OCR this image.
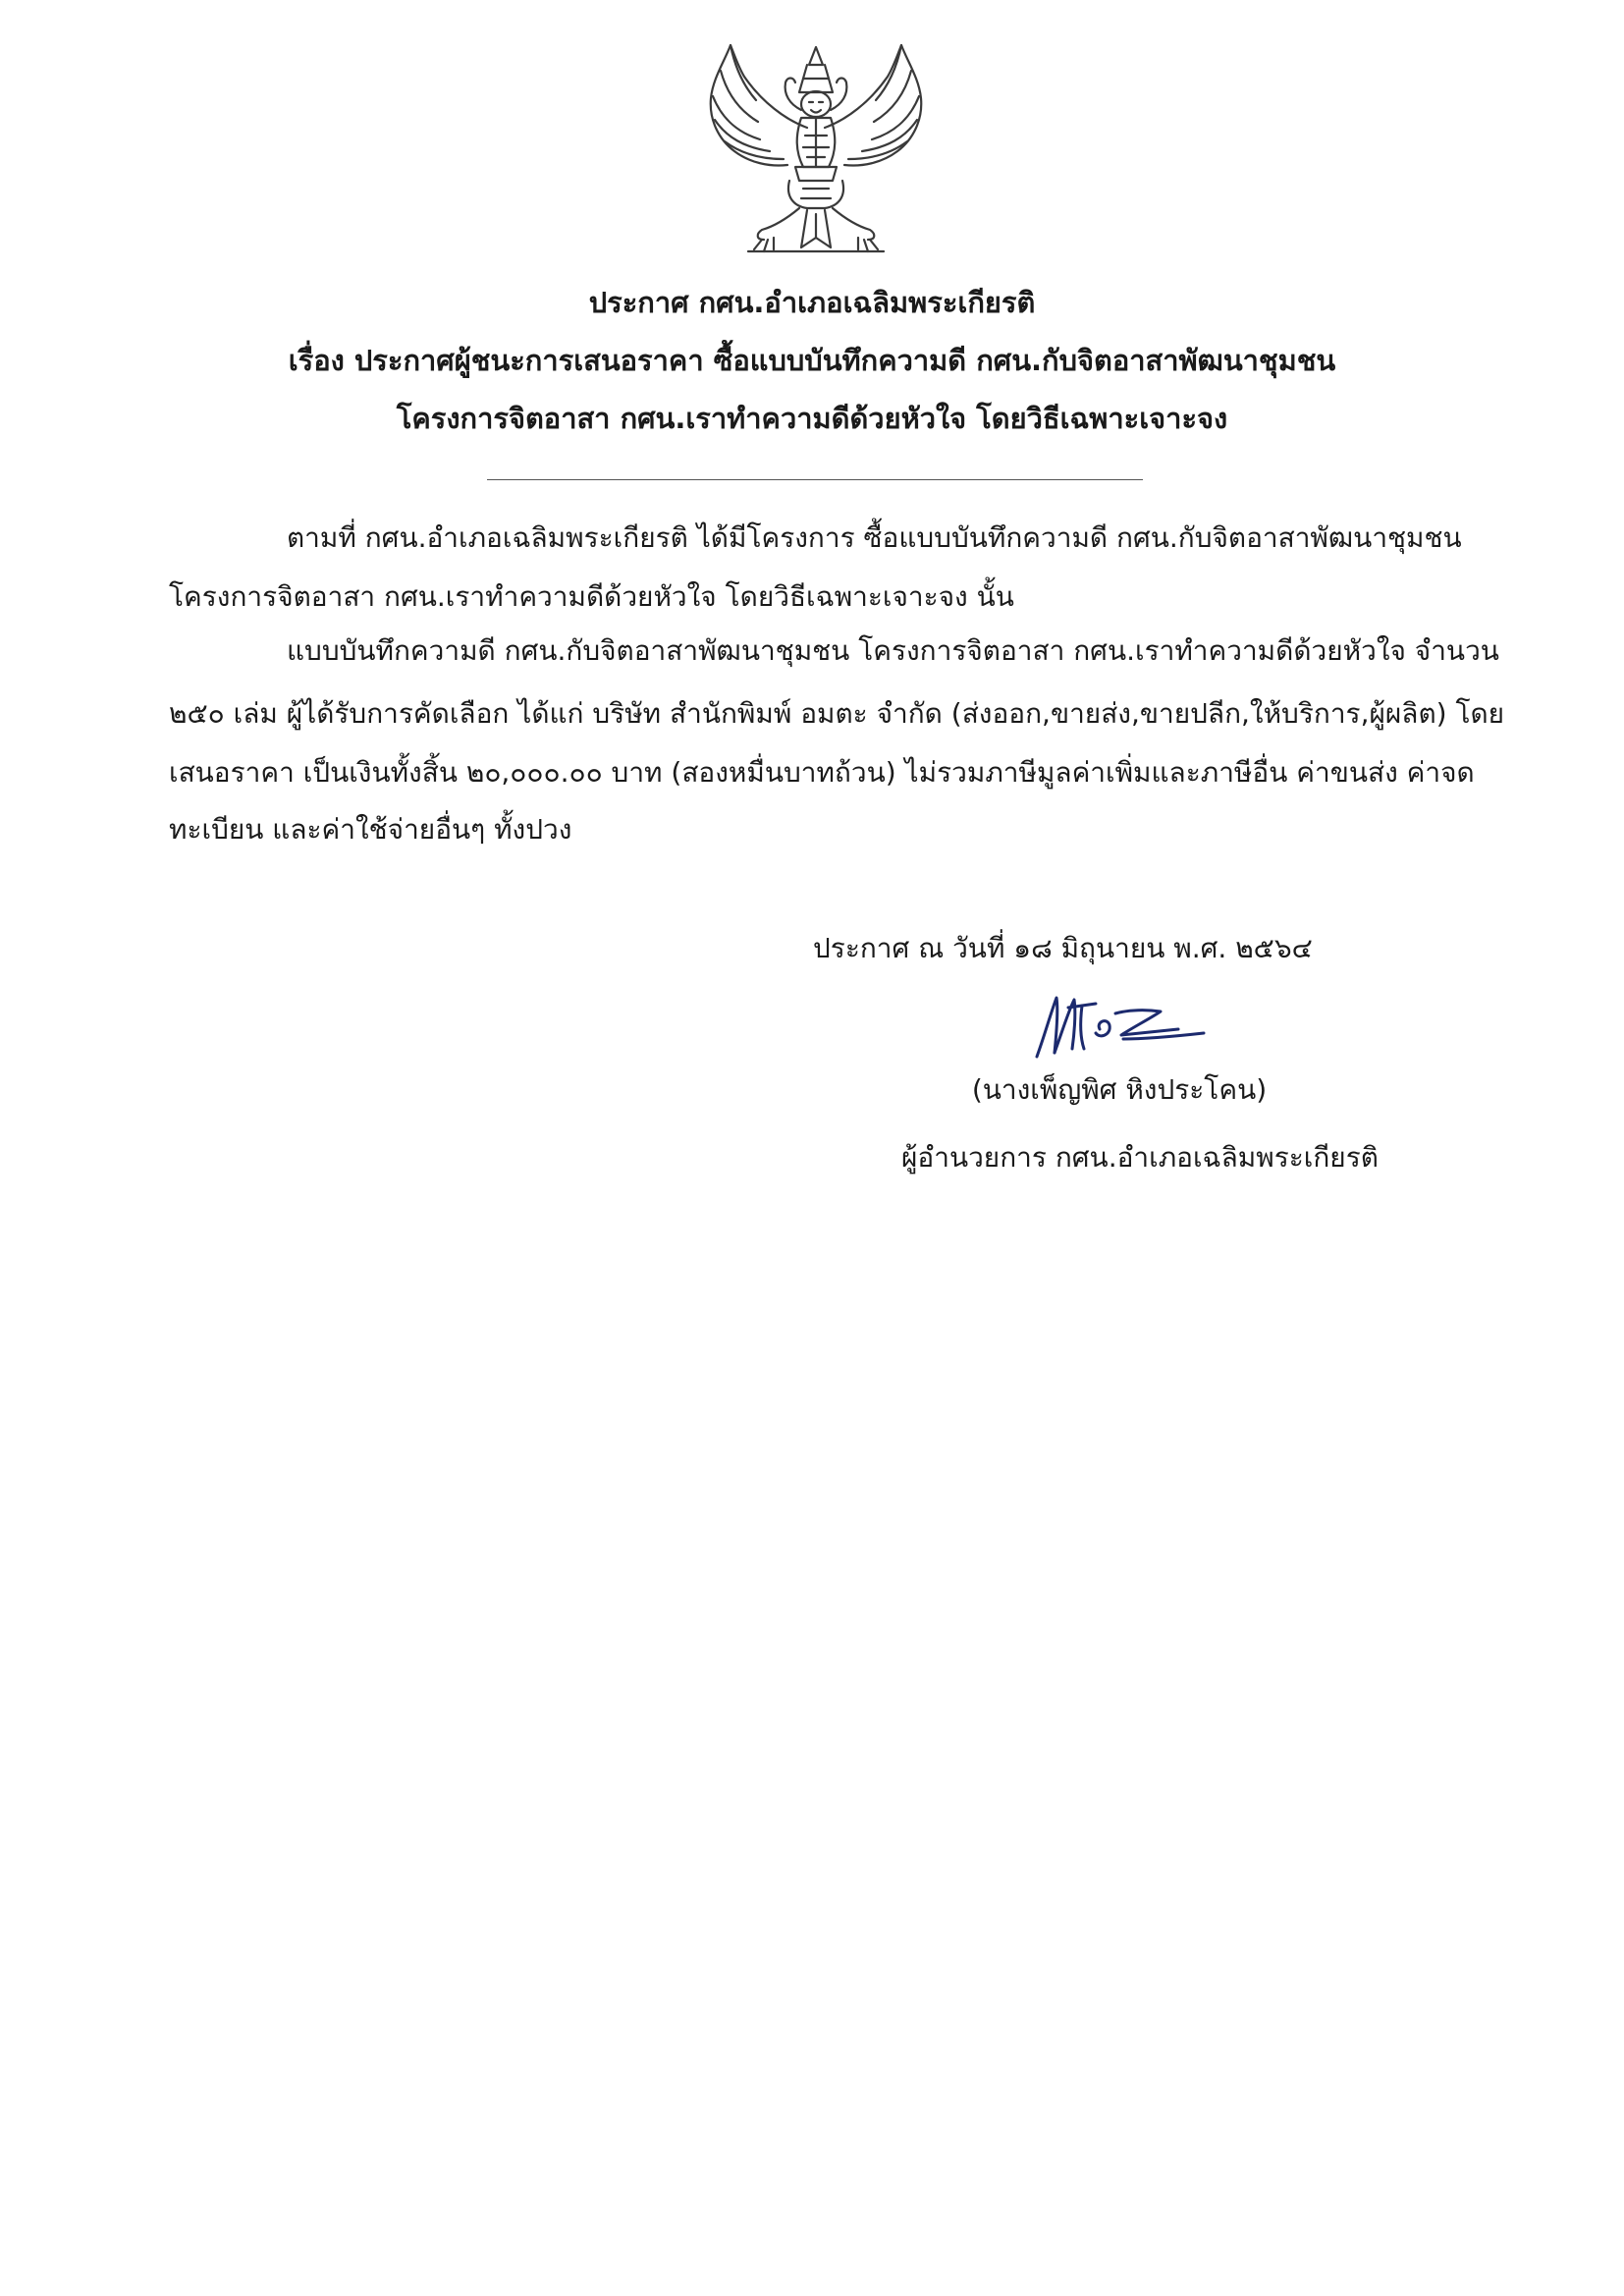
ประกาศ กศน.อำเภอเฉลิมพระเกียรติ
เรื่อง ประกาศผู้ชนะการเสนอราคา ซื้อแบบบันทึกความดี กศน.กับจิตอาสาพัฒนาชุมชน
โครงการจิตอาสา กศน.เราทำความดีด้วยหัวใจ โดยวิธีเฉพาะเจาะจง
ตามที่ กศน.อำเภอเฉลิมพระเกียรติ ได้มีโครงการ ซื้อแบบบันทึกความดี กศน.กับจิตอาสาพัฒนาชุมชน
โครงการจิตอาสา กศน.เราทำความดีด้วยหัวใจ โดยวิธีเฉพาะเจาะจง นั้น
แบบบันทึกความดี กศน.กับจิตอาสาพัฒนาชุมชน โครงการจิตอาสา กศน.เราทำความดีด้วยหัวใจ จำนวน
๒๕๐ เล่ม ผู้ได้รับการคัดเลือก ได้แก่ บริษัท สำนักพิมพ์ อมตะ จำกัด (ส่งออก,ขายส่ง,ขายปลีก,ให้บริการ,ผู้ผลิต) โดย
เสนอราคา เป็นเงินทั้งสิ้น ๒๐,๐๐๐.๐๐ บาท (สองหมื่นบาทถ้วน) ไม่รวมภาษีมูลค่าเพิ่มและภาษีอื่น ค่าขนส่ง ค่าจด
ทะเบียน และค่าใช้จ่ายอื่นๆ ทั้งปวง
ประกาศ ณ วันที่ ๑๘ มิถุนายน พ.ศ. ๒๕๖๔
(นางเพ็ญพิศ หิงประโคน)
ผู้อำนวยการ กศน.อำเภอเฉลิมพระเกียรติ
